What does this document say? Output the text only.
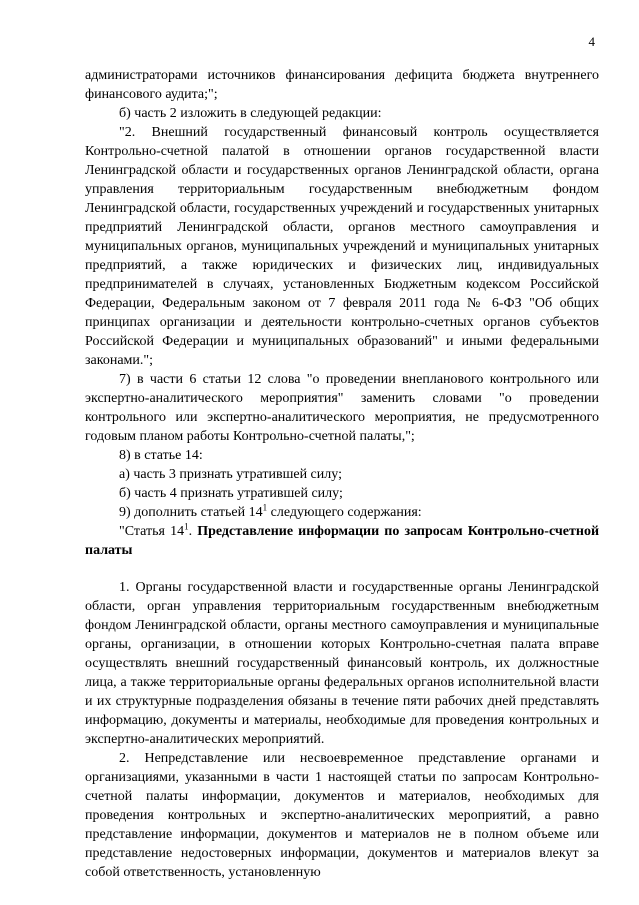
4

администраторами источников финансирования дефицита бюджета внутреннего финансового аудита;";

б) часть 2 изложить в следующей редакции:

"2. Внешний государственный финансовый контроль осуществляется Контрольно-счетной палатой в отношении органов государственной власти Ленинградской области и государственных органов Ленинградской области, органа управления территориальным государственным внебюджетным фондом Ленинградской области, государственных учреждений и государственных унитарных предприятий Ленинградской области, органов местного самоуправления и муниципальных органов, муниципальных учреждений и муниципальных унитарных предприятий, а также юридических и физических лиц, индивидуальных предпринимателей в случаях, установленных Бюджетным кодексом Российской Федерации, Федеральным законом от 7 февраля 2011 года № 6-ФЗ "Об общих принципах организации и деятельности контрольно-счетных органов субъектов Российской Федерации и муниципальных образований" и иными федеральными законами.";

7) в части 6 статьи 12 слова "о проведении внепланового контрольного или экспертно-аналитического мероприятия" заменить словами "о проведении контрольного или экспертно-аналитического мероприятия, не предусмотренного годовым планом работы Контрольно-счетной палаты,";

8) в статье 14:

а) часть 3 признать утратившей силу;

б) часть 4 признать утратившей силу;

9) дополнить статьей $14^1$ следующего содержания:

"Статья $14^1$. Представление информации по запросам Контрольно-счетной палаты

1. Органы государственной власти и государственные органы Ленинградской области, орган управления территориальным государственным внебюджетным фондом Ленинградской области, органы местного самоуправления и муниципальные органы, организации, в отношении которых Контрольно-счетная палата вправе осуществлять внешний государственный финансовый контроль, их должностные лица, а также территориальные органы федеральных органов исполнительной власти и их структурные подразделения обязаны в течение пяти рабочих дней представлять информацию, документы и материалы, необходимые для проведения контрольных и экспертно-аналитических мероприятий.

2. Непредставление или несвоевременное представление органами и организациями, указанными в части 1 настоящей статьи по запросам Контрольно-счетной палаты информации, документов и материалов, необходимых для проведения контрольных и экспертно-аналитических мероприятий, а равно представление информации, документов и материалов не в полном объеме или представление недостоверных информации, документов и материалов влекут за собой ответственность, установленную
